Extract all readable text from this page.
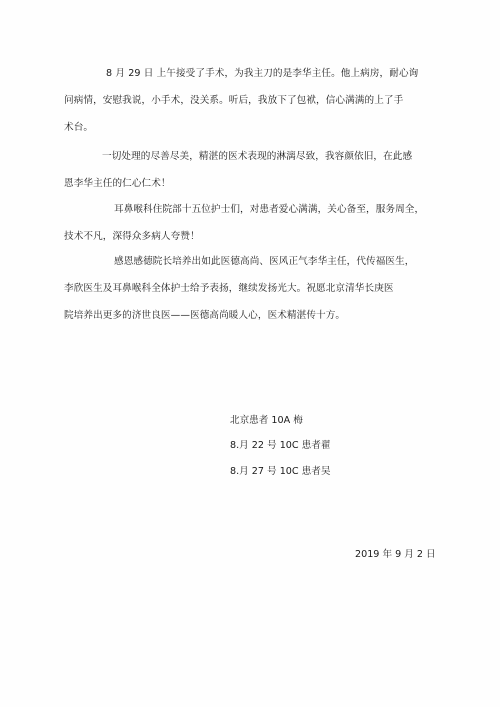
8 月 29 日 上午接受了手术，为我主刀的是李华主任。他上病房，耐心询
问病情，安慰我说，小手术，没关系。听后，我放下了包袱，信心满满的上了手
术台。

一切处理的尽善尽美，精湛的医术表现的淋漓尽致，我容颜依旧，在此感
恩李华主任的仁心仁术！

耳鼻喉科住院部十五位护士们，对患者爱心满满，关心备至，服务周全，
技术不凡，深得众多病人夸赞！

感恩感德院长培养出如此医德高尚、医风正气李华主任，代传福医生，
李欣医生及耳鼻喉科全体护士给予表扬，继续发扬光大。祝愿北京清华长庚医
院培养出更多的济世良医——医德高尚暖人心，医术精湛传十方。

北京患者 10A 梅

8.月 22 号 10C 患者翟

8.月 27 号 10C 患者吴

2019 年 9 月 2 日
